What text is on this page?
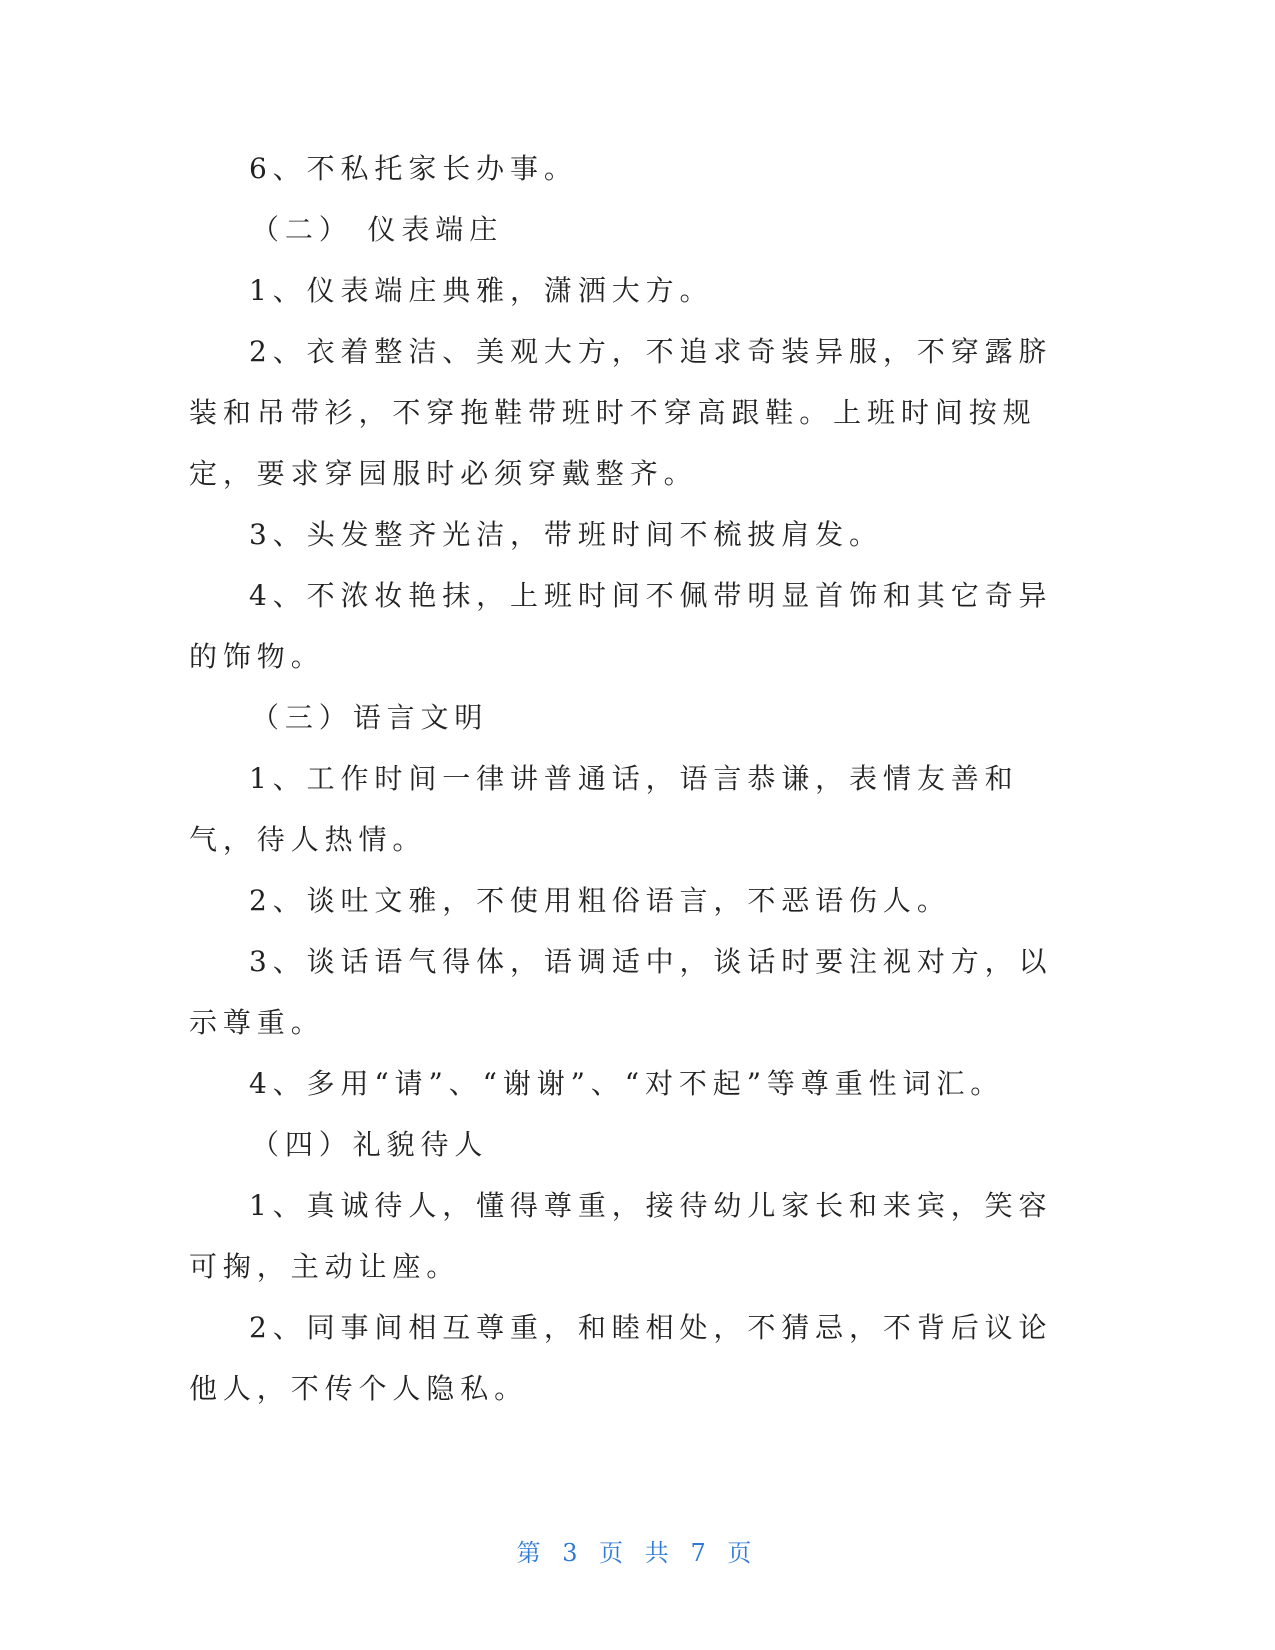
6、不私托家长办事。

（二） 仪表端庄

1、仪表端庄典雅，潇洒大方。

2、衣着整洁、美观大方，不追求奇装异服，不穿露脐装和吊带衫，不穿拖鞋带班时不穿高跟鞋。上班时间按规定，要求穿园服时必须穿戴整齐。

3、头发整齐光洁，带班时间不梳披肩发。

4、不浓妆艳抹，上班时间不佩带明显首饰和其它奇异的饰物。

（三）语言文明

1、工作时间一律讲普通话，语言恭谦，表情友善和气，待人热情。

2、谈吐文雅，不使用粗俗语言，不恶语伤人。

3、谈话语气得体，语调适中，谈话时要注视对方，以示尊重。

4、多用“请”、“谢谢”、“对不起”等尊重性词汇。

（四）礼貌待人

1、真诚待人，懂得尊重，接待幼儿家长和来宾，笑容可掬，主动让座。

2、同事间相互尊重，和睦相处，不猜忌，不背后议论他人，不传个人隐私。

第 3 页 共 7 页
